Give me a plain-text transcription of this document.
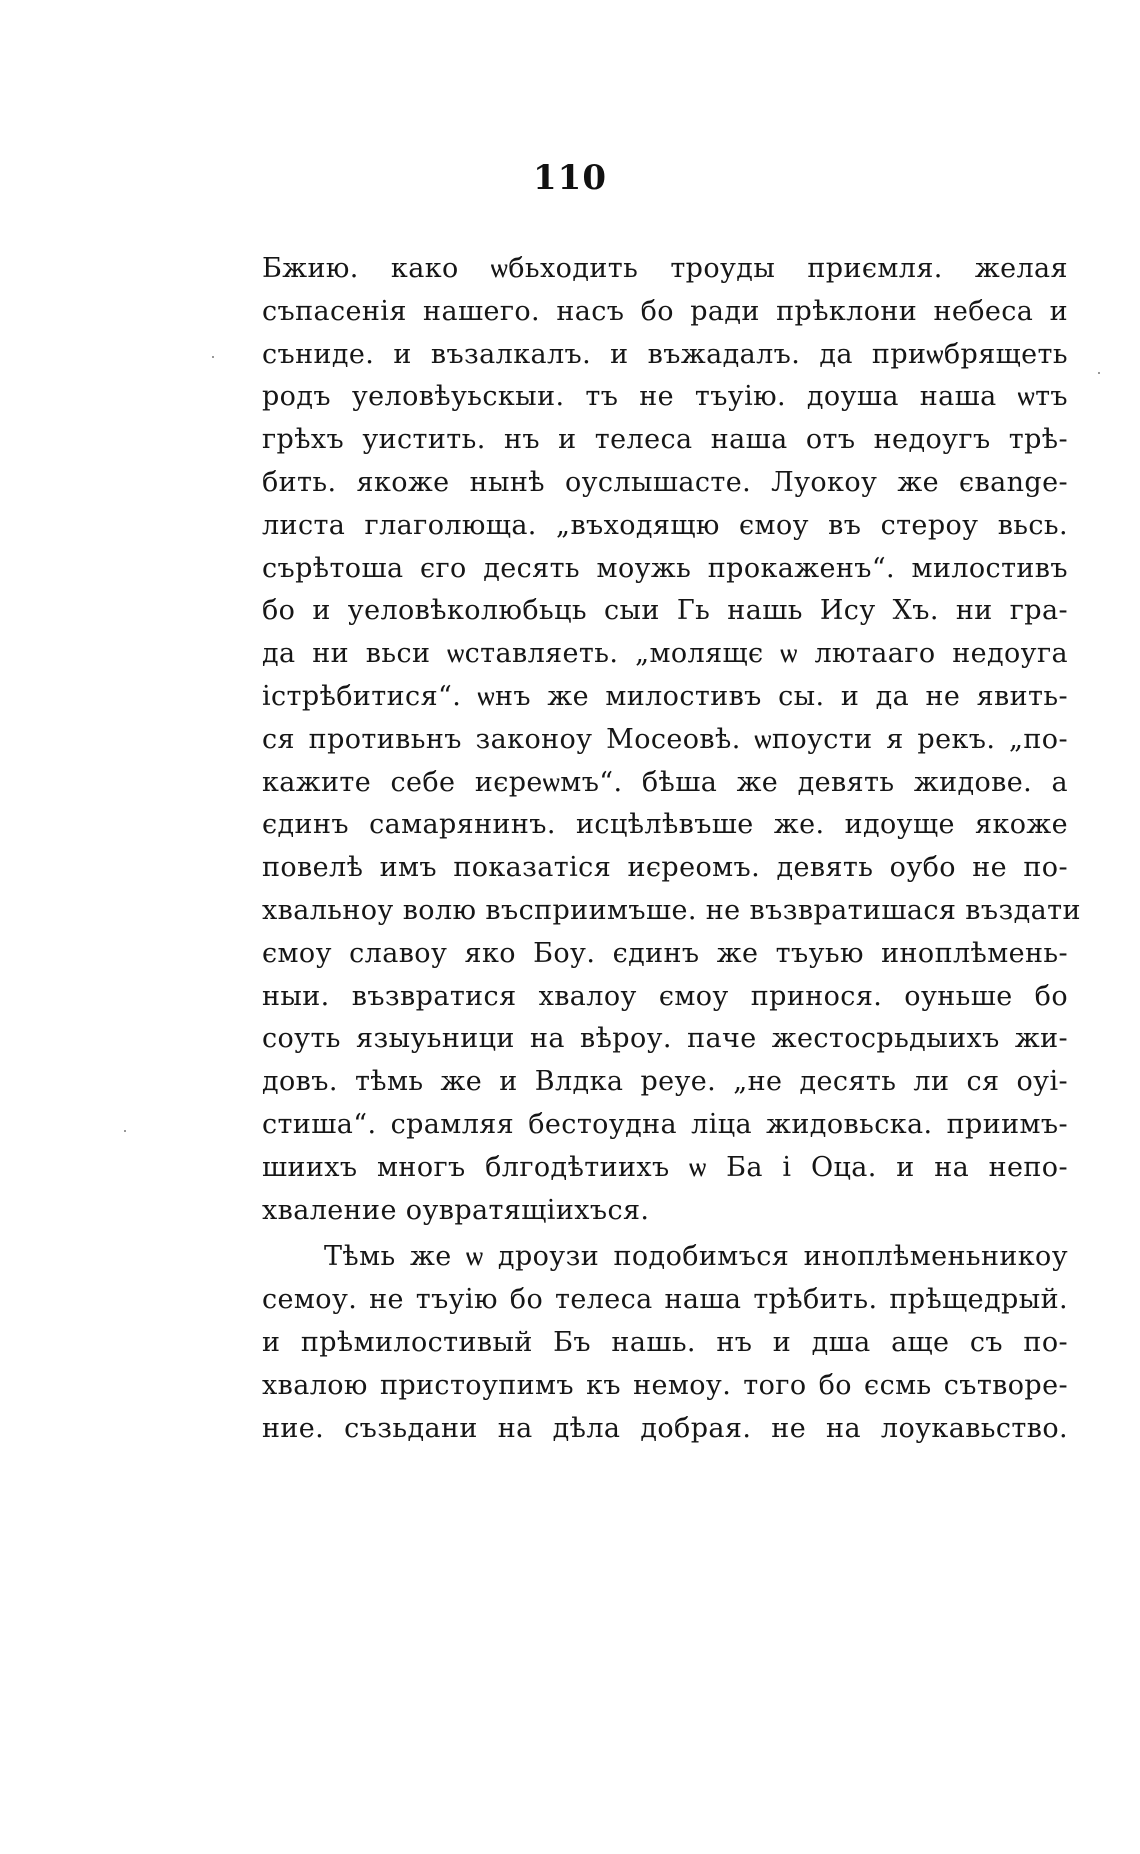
110
Бжию. како ѡбьходить троуды приємля. желая
съпасенія нашего. насъ бо ради прѣклони небеса и
съниде. и възалкалъ. и въжадалъ. да приѡбрящеть
родъ уеловѣуьскыи. тъ не тъуію. доуша наша ѡтъ
грѣхъ уистить. нъ и телеса наша отъ недоугъ трѣ-
бить. якоже нынѣ оуслышасте. Луокоу же євange-
листа глаголюща. „въходящю ємоу въ стероу вьсь.
сърѣтоша єго десять моужь прокаженъ“. милостивъ
бо и уеловѣколюбьць сыи Гь нашь Ису Хъ. ни гра-
да ни вьси ѡставляеть. „молящє ѡ лютааго недоуга
істрѣбитися“. ѡнъ же милостивъ сы. и да не явить-
ся противьнъ законоу Мосеовѣ. ѡпоусти я рекъ. „по-
кажите себе иєреѡмъ“. бѣша же девять жидове. а
єдинъ самарянинъ. исцѣлѣвъше же. идоуще якоже
повелѣ имъ показатіся иєреомъ. девять оубо не по-
хвальноу волю въсприимъше. не възвратишася въздати
ємоу славоу яко Боу. єдинъ же тъуью иноплѣмень-
ныи. възвратися хвалоу ємоу принося. оуньше бо
соуть языуьници на вѣроу. паче жестосрьдыихъ жи-
довъ. тѣмь же и Влдка реуе. „не десять ли ся оуі-
стиша“. срамляя бестоудна ліца жидовьска. приимъ-
шиихъ многъ блгодѣтиихъ ѡ Ба і Оца. и на непо-
хваление оувратящіихъся.
Тѣмь же ѡ дроузи подобимъся иноплѣменьникоу
семоу. не тъуію бо телеса наша трѣбить. прѣщедрый.
и прѣмилостивый Бъ нашь. нъ и дша аще съ по-
хвалою пристоупимъ къ немоу. того бо єсмь сътворе-
ние. съзьдани на дѣла добрая. не на лоукавьство.
